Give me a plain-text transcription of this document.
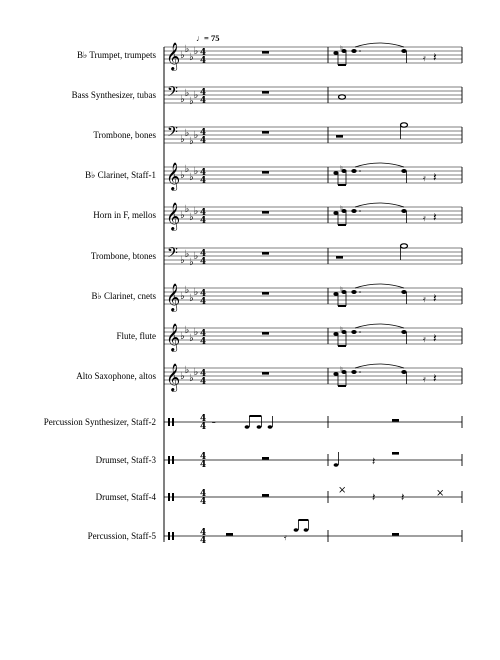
♩ = 75
B♭ Trumpet, trumpets 𝄞 ♭
♭
♭
♭ 4
4
♮
𝄿 𝄽
Bass Synthesizer, tubas 𝄢 ♭
♭
♭
♭ 4
4
Trombone, bones 𝄢 ♭
♭
♭
♭ 4
4
B♭ Clarinet, Staff-1 𝄞 ♭
♭
♭
♭ 4
4
♮
𝄿 𝄽
Horn in F, mellos 𝄞 ♭
♭
♭
♭ 4
4
♮
𝄿 𝄽
Trombone, btones 𝄢 ♭
♭
♭
♭ 4
4
B♭ Clarinet, cnets 𝄞 ♭
♭
♭
♭ 4
4
♮
𝄿 𝄽
Flute, flute 𝄞 ♭
♭
♭
♭ 4
4
♮
𝄿 𝄽
Alto Saxophone, altos 𝄞 ♭
♭
♭
♭ 4
4
♮
𝄿 𝄽
Percussion Synthesizer, Staff-2	4
4 𝄼
Drumset, Staff-3	4
4	𝄽
Drumset, Staff-4	4
4
×
𝄽 𝄽	×
Percussion, Staff-5	4
4	𝄿
